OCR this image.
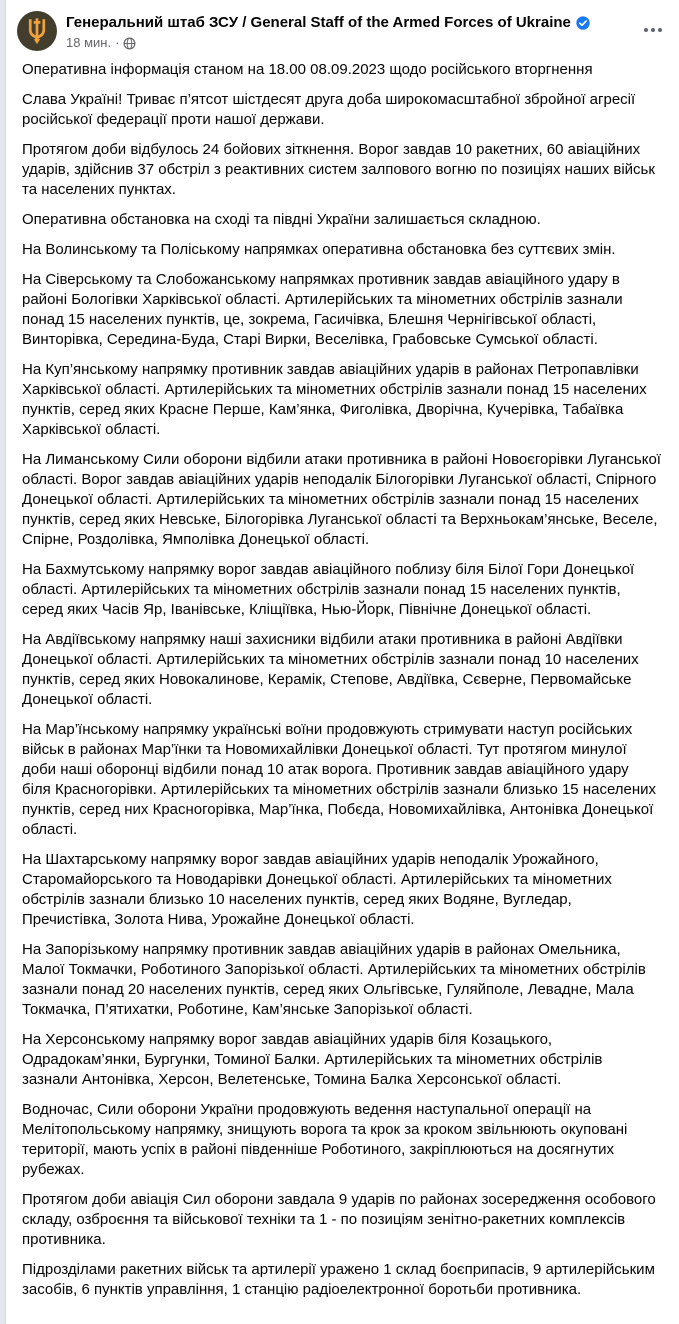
Генеральний штаб ЗСУ / General Staff of the Armed Forces of Ukraine
18 мин. ·

Оперативна інформація станом на 18.00 08.09.2023 щодо російського вторгнення

Слава Україні! Триває п’ятсот шістдесят друга доба широкомасштабної збройної агресії російської федерації проти нашої держави.

Протягом доби відбулось 24 бойових зіткнення. Ворог завдав 10 ракетних, 60 авіаційних ударів, здійснив 37 обстріл з реактивних систем залпового вогню по позиціях наших військ та населених пунктах.

Оперативна обстановка на сході та півдні України залишається складною.

На Волинському та Поліському напрямках оперативна обстановка без суттєвих змін.

На Сіверському та Слобожанському напрямках противник завдав авіаційного удару в районі Бологівки Харківської області. Артилерійських та мінометних обстрілів зазнали понад 15 населених пунктів, це, зокрема, Гасичівка, Блешня Чернігівської області, Винторівка, Середина-Буда, Старі Вирки, Веселівка, Грабовське Сумської області.

На Куп’янському напрямку противник завдав авіаційних ударів в районах Петропавлівки Харківської області. Артилерійських та мінометних обстрілів зазнали понад 15 населених пунктів, серед яких Красне Перше, Кам’янка, Фиголівка, Дворічна, Кучерівка, Табаївка Харківської області.

На Лиманському Сили оборони відбили атаки противника в районі Новоєгорівки Луганської області. Ворог завдав авіаційних ударів неподалік Білогорівки Луганської області, Спірного Донецької області. Артилерійських та мінометних обстрілів зазнали понад 15 населених пунктів, серед яких Невське, Білогорівка Луганської області та Верхньокам’янське, Веселе, Спірне, Роздолівка, Ямполівка Донецької області.

На Бахмутському напрямку ворог завдав авіаційного поблизу біля Білої Гори Донецької області. Артилерійських та мінометних обстрілів зазнали понад 15 населених пунктів, серед яких Часів Яр, Іванівське, Кліщіївка, Нью-Йорк, Північне Донецької області.

На Авдіївському напрямку наші захисники відбили атаки противника в районі Авдіївки Донецької області. Артилерійських та мінометних обстрілів зазнали понад 10 населених пунктів, серед яких Новокалинове, Керамік, Степове, Авдіївка, Сєверне, Первомайське Донецької області.

На Мар’їнському напрямку українські воїни продовжують стримувати наступ російських військ в районах Мар’їнки та Новомихайлівки Донецької області. Тут протягом минулої доби наші оборонці відбили понад 10 атак ворога. Противник завдав авіаційного удару біля Красногорівки. Артилерійських та мінометних обстрілів зазнали близько 15 населених пунктів, серед них Красногорівка, Мар’їнка, Побєда, Новомихайлівка, Антонівка Донецької області.

На Шахтарському напрямку ворог завдав авіаційних ударів неподалік Урожайного, Старомайорського та Новодарівки Донецької області. Артилерійських та мінометних обстрілів зазнали близько 10 населених пунктів, серед яких Водяне, Вугледар, Пречистівка, Золота Нива, Урожайне Донецької області.

На Запорізькому напрямку противник завдав авіаційних ударів в районах Омельника, Малої Токмачки, Роботиного Запорізької області. Артилерійських та мінометних обстрілів зазнали понад 20 населених пунктів, серед яких Ольгівське, Гуляйполе, Левадне, Мала Токмачка, П’ятихатки, Роботине, Кам’янське Запорізької області.

На Херсонському напрямку ворог завдав авіаційних ударів біля Козацького, Одрадокам’янки, Бургунки, Томиної Балки. Артилерійських та мінометних обстрілів зазнали Антонівка, Херсон, Велетенське, Томина Балка Херсонської області.

Водночас, Сили оборони України продовжують ведення наступальної операції на Мелітопольському напрямку, знищують ворога та крок за кроком звільнюють окуповані території, мають успіх в районі південніше Роботиного, закріплюються на досягнутих рубежах.

Протягом доби авіація Сил оборони завдала 9 ударів по районах зосередження особового складу, озброєння та військової техніки та 1 - по позиціям зенітно-ракетних комплексів противника.

Підрозділами ракетних військ та артилерії уражено 1 склад боєприпасів, 9 артилерійським засобів, 6 пунктів управління, 1 станцію радіоелектронної боротьби противника.
